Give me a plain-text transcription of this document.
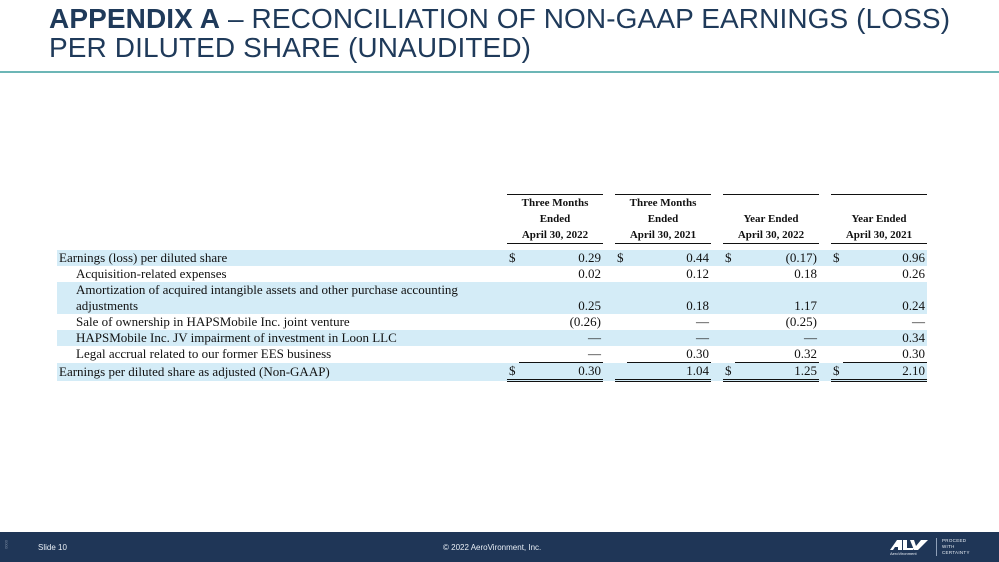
APPENDIX A – RECONCILIATION OF NON-GAAP EARNINGS (LOSS)
PER DILUTED SHARE (UNAUDITED)

	Three Months
Ended
April 30, 2022			Three Months
Ended
April 30, 2021			Year Ended
April 30, 2022			Year Ended
April 30, 2021	

Earnings (loss) per diluted share	$	0.29		$	0.44		$	(0.17)		$	0.96
Acquisition-related expenses		0.02			0.12			0.18			0.26
Amortization of acquired intangible assets and other purchase accounting
adjustments		0.25			0.18			1.17			0.24
Sale of ownership in HAPSMobile Inc. joint venture		(0.26)			—			(0.25)			—
HAPSMobile Inc. JV impairment of investment in Loon LLC		—			—			—			0.34
Legal accrual related to our former EES business		—			0.30			0.32			0.30
Earnings per diluted share as adjusted (Non-GAAP)	$	0.30			1.04		$	1.25		$	2.10
0000	Slide 10	© 2022 AeroVironment, Inc.
AeroVironment
PROCEED
WITH
CERTAINTY
